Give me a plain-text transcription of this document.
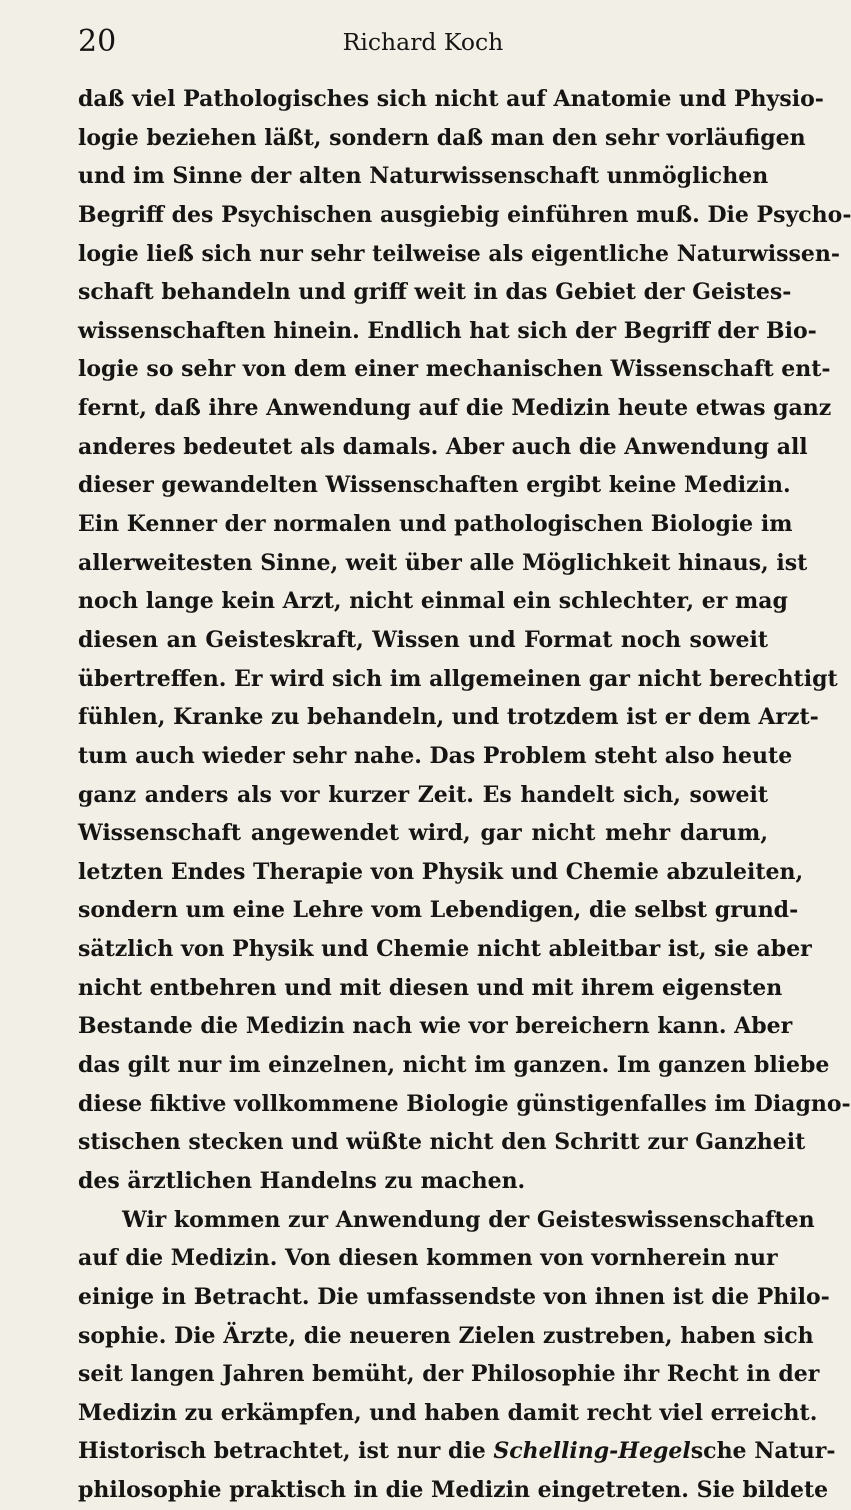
20	Richard Koch
daß viel Pathologisches sich nicht auf Anatomie und Physio-
logie beziehen läßt, sondern daß man den sehr vorläufigen
und im Sinne der alten Naturwissenschaft unmöglichen
Begriff des Psychischen ausgiebig einführen muß. Die Psycho-
logie ließ sich nur sehr teilweise als eigentliche Naturwissen-
schaft behandeln und griff weit in das Gebiet der Geistes-
wissenschaften hinein. Endlich hat sich der Begriff der Bio-
logie so sehr von dem einer mechanischen Wissenschaft ent-
fernt, daß ihre Anwendung auf die Medizin heute etwas ganz
anderes bedeutet als damals. Aber auch die Anwendung all
dieser gewandelten Wissenschaften ergibt keine Medizin.
Ein Kenner der normalen und pathologischen Biologie im
allerweitesten Sinne, weit über alle Möglichkeit hinaus, ist
noch lange kein Arzt, nicht einmal ein schlechter, er mag
diesen an Geisteskraft, Wissen und Format noch soweit
übertreffen. Er wird sich im allgemeinen gar nicht berechtigt
fühlen, Kranke zu behandeln, und trotzdem ist er dem Arzt-
tum auch wieder sehr nahe. Das Problem steht also heute
ganz anders als vor kurzer Zeit. Es handelt sich, soweit
Wissenschaft angewendet wird, gar nicht mehr darum,
letzten Endes Therapie von Physik und Chemie abzuleiten,
sondern um eine Lehre vom Lebendigen, die selbst grund-
sätzlich von Physik und Chemie nicht ableitbar ist, sie aber
nicht entbehren und mit diesen und mit ihrem eigensten
Bestande die Medizin nach wie vor bereichern kann. Aber
das gilt nur im einzelnen, nicht im ganzen. Im ganzen bliebe
diese fiktive vollkommene Biologie günstigenfalles im Diagno-
stischen stecken und wüßte nicht den Schritt zur Ganzheit
des ärztlichen Handelns zu machen.
Wir kommen zur Anwendung der Geisteswissenschaften
auf die Medizin. Von diesen kommen von vornherein nur
einige in Betracht. Die umfassendste von ihnen ist die Philo-
sophie. Die Ärzte, die neueren Zielen zustreben, haben sich
seit langen Jahren bemüht, der Philosophie ihr Recht in der
Medizin zu erkämpfen, und haben damit recht viel erreicht.
Historisch betrachtet, ist nur die Schelling-Hegelsche Natur-
philosophie praktisch in die Medizin eingetreten. Sie bildete
